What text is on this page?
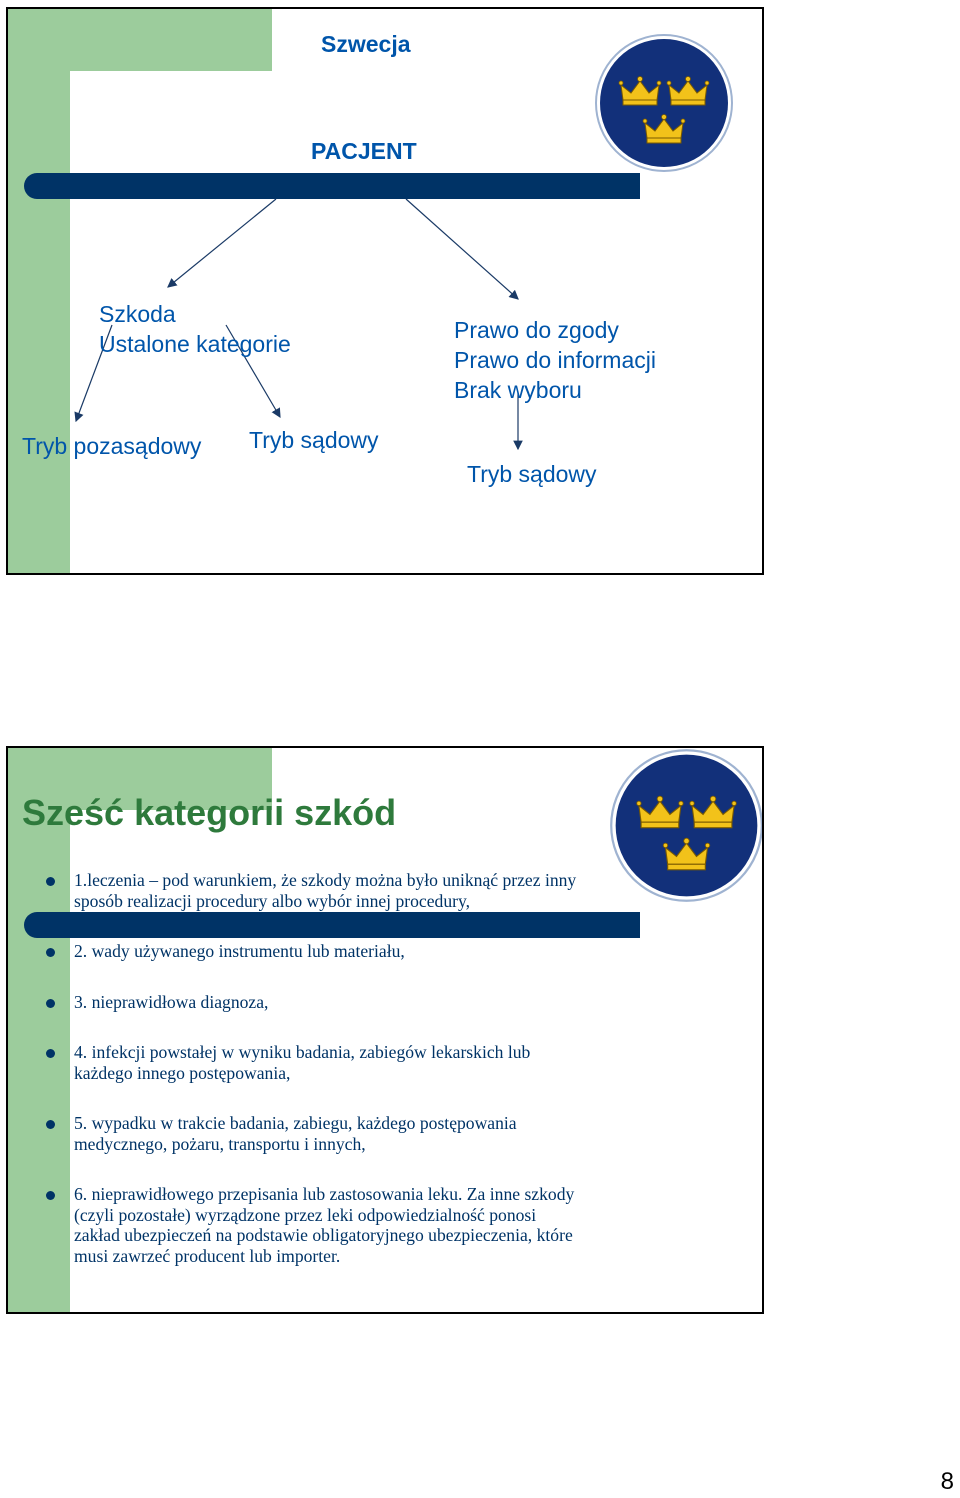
Szwecja
PACJENT
Szkoda
Ustalone kategorie
Prawo do zgody
Prawo do informacji
Brak wyboru
Tryb pozasądowy Tryb sądowy
Tryb sądowy
Sześć kategorii szkód
1.leczenia – pod warunkiem, że szkody można było uniknąć przez inny
sposób realizacji procedury albo wybór innej procedury,
2. wady używanego instrumentu lub materiału,
3. nieprawidłowa diagnoza,
4. infekcji powstałej w wyniku badania, zabiegów lekarskich lub
każdego innego postępowania,
5. wypadku w trakcie badania, zabiegu, każdego postępowania
medycznego, pożaru, transportu i innych,
6. nieprawidłowego przepisania lub zastosowania leku. Za inne szkody
(czyli pozostałe) wyrządzone przez leki odpowiedzialność ponosi
zakład ubezpieczeń na podstawie obligatoryjnego ubezpieczenia, które
musi zawrzeć producent lub importer.
8
